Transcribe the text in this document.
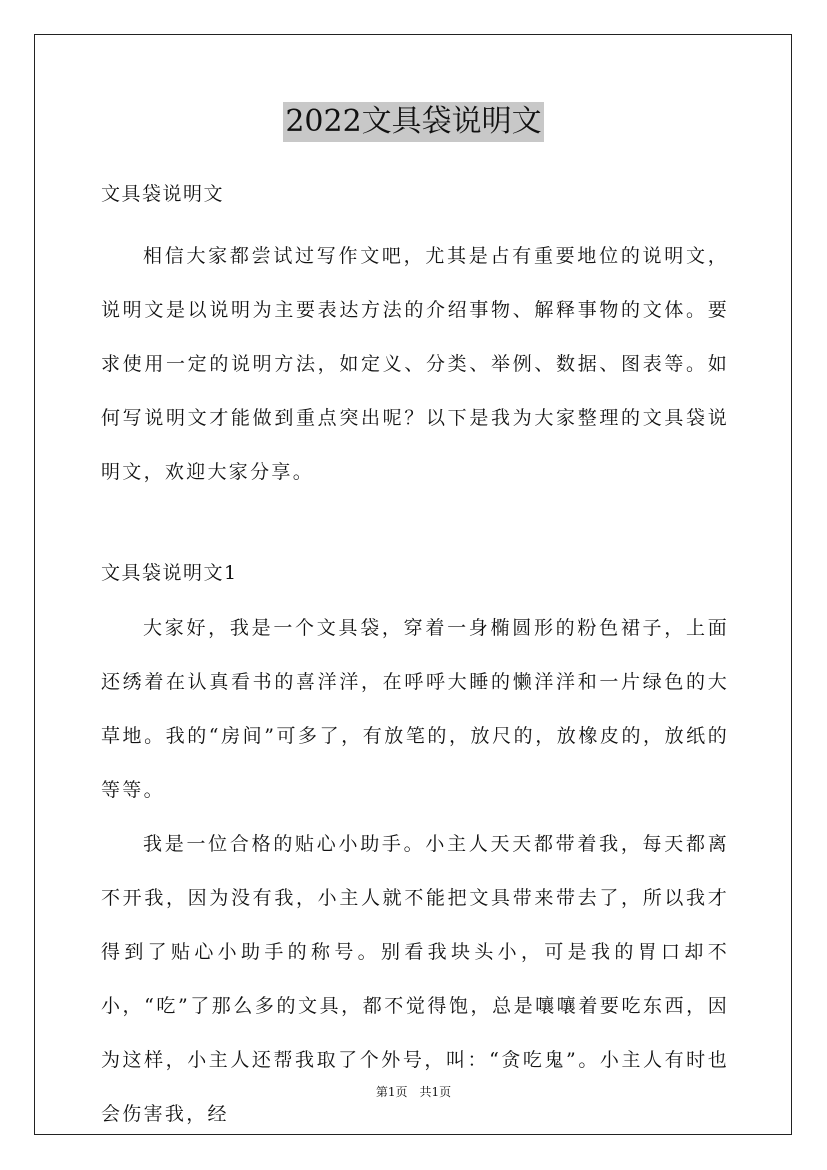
2022文具袋说明文

文具袋说明文

相信大家都尝试过写作文吧，尤其是占有重要地位的说明文，说明文是以说明为主要表达方法的介绍事物、解释事物的文体。要求使用一定的说明方法，如定义、分类、举例、数据、图表等。如何写说明文才能做到重点突出呢？以下是我为大家整理的文具袋说明文，欢迎大家分享。

文具袋说明文1

大家好，我是一个文具袋，穿着一身椭圆形的粉色裙子，上面还绣着在认真看书的喜洋洋，在呼呼大睡的懒洋洋和一片绿色的大草地。我的“房间”可多了，有放笔的，放尺的，放橡皮的，放纸的等等。

我是一位合格的贴心小助手。小主人天天都带着我，每天都离不开我，因为没有我，小主人就不能把文具带来带去了，所以我才得到了贴心小助手的称号。别看我块头小，可是我的胃口却不小，“吃”了那么多的文具，都不觉得饱，总是嚷嚷着要吃东西，因为这样，小主人还帮我取了个外号，叫：“贪吃鬼”。小主人有时也会伤害我，经

第1页　共1页
